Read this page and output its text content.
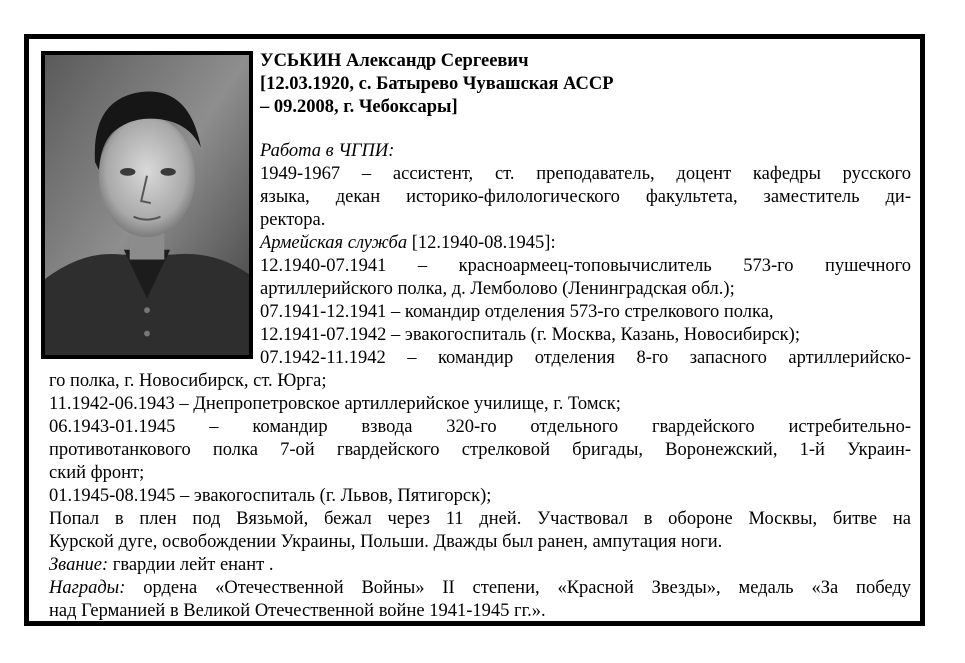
УСЬКИН Александр Сергеевич
[12.03.1920, с. Батырево Чувашская АССР
– 09.2008, г. Чебоксары]
Работа в ЧГПИ:
1949-1967 – ассистент, ст. преподаватель, доцент кафедры русского
языка, декан историко-филологического факультета, заместитель ди-
ректора.
Армейская служба [12.1940-08.1945]:
12.1940-07.1941 – красноармеец-топовычислитель 573-го пушечного
артиллерийского полка, д. Лемболово (Ленинградская обл.);
07.1941-12.1941 – командир отделения 573-го стрелкового полка,
12.1941-07.1942 – эвакогоспиталь (г. Москва, Казань, Новосибирск);
07.1942-11.1942 – командир отделения 8-го запасного артиллерийско-
го полка, г. Новосибирск, ст. Юрга;
11.1942-06.1943 – Днепропетровское артиллерийское училище, г. Томск;
06.1943-01.1945 – командир взвода 320-го отдельного гвардейского истребительно-
противотанкового полка 7-ой гвардейского стрелковой бригады, Воронежский, 1-й Украин-
ский фронт;
01.1945-08.1945 – эвакогоспиталь (г. Львов, Пятигорск);
Попал в плен под Вязьмой, бежал через 11 дней. Участвовал в обороне Москвы, битве на
Курской дуге, освобождении Украины, Польши. Дважды был ранен, ампутация ноги.
Звание: гвардии лейт енант .
Награды: ордена «Отечественной Войны» II степени, «Красной Звезды», медаль «За победу
над Германией в Великой Отечественной войне 1941-1945 гг.».
